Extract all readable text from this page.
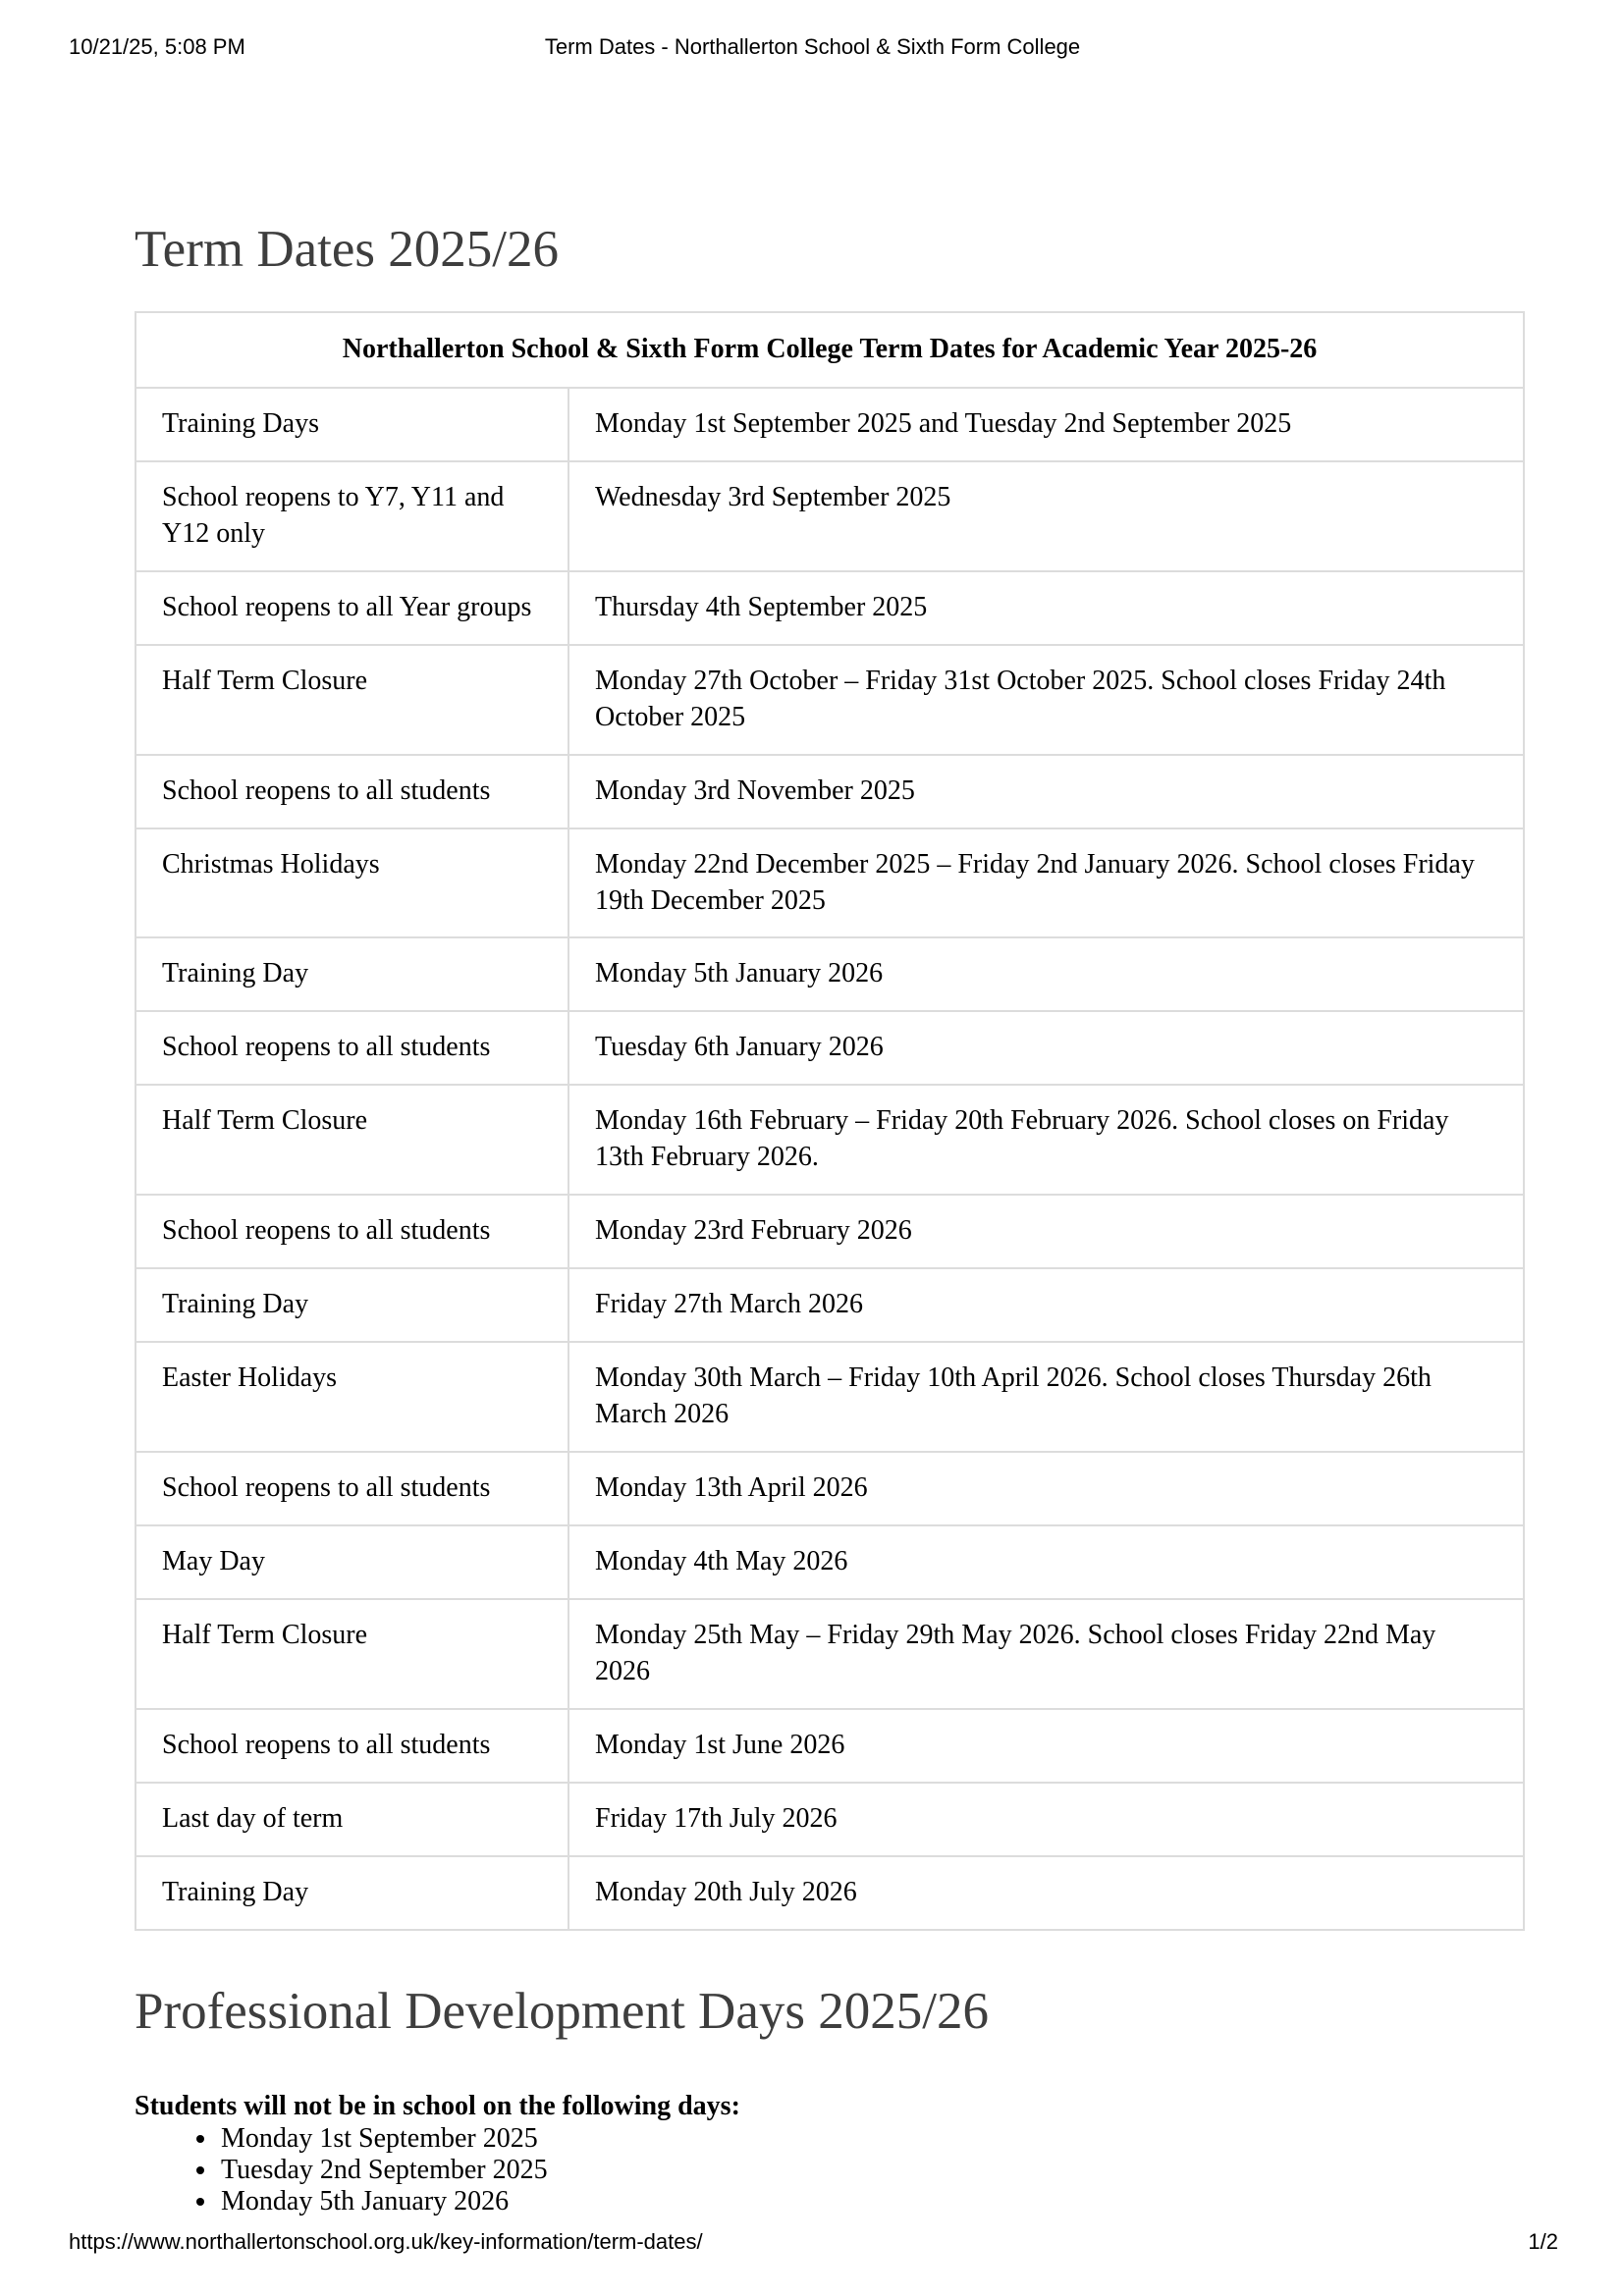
10/21/25, 5:08 PM	Term Dates - Northallerton School & Sixth Form College
Term Dates 2025/26
Northallerton School & Sixth Form College Term Dates for Academic Year 2025-26	
Training Days	Monday 1st September 2025 and Tuesday 2nd September 2025
School reopens to Y7, Y11 and Y12 only	Wednesday 3rd September 2025
School reopens to all Year groups	Thursday 4th September 2025
Half Term Closure	Monday 27th October – Friday 31st October 2025. School closes Friday 24th October 2025
School reopens to all students	Monday 3rd November 2025
Christmas Holidays	Monday 22nd December 2025 – Friday 2nd January 2026. School closes Friday 19th December 2025
Training Day	Monday 5th January 2026
School reopens to all students	Tuesday 6th January 2026
Half Term Closure	Monday 16th February – Friday 20th February 2026. School closes on Friday 13th February 2026.
School reopens to all students	Monday 23rd February 2026
Training Day	Friday 27th March 2026
Easter Holidays	Monday 30th March – Friday 10th April 2026. School closes Thursday 26th March 2026
School reopens to all students	Monday 13th April 2026
May Day	Monday 4th May 2026
Half Term Closure	Monday 25th May – Friday 29th May 2026. School closes Friday 22nd May 2026
School reopens to all students	Monday 1st June 2026
Last day of term	Friday 17th July 2026
Training Day	Monday 20th July 2026
Professional Development Days 2025/26

Students will not be in school on the following days:

• Monday 1st September 2025
• Tuesday 2nd September 2025
• Monday 5th January 2026
https://www.northallertonschool.org.uk/key-information/term-dates/	1/2
